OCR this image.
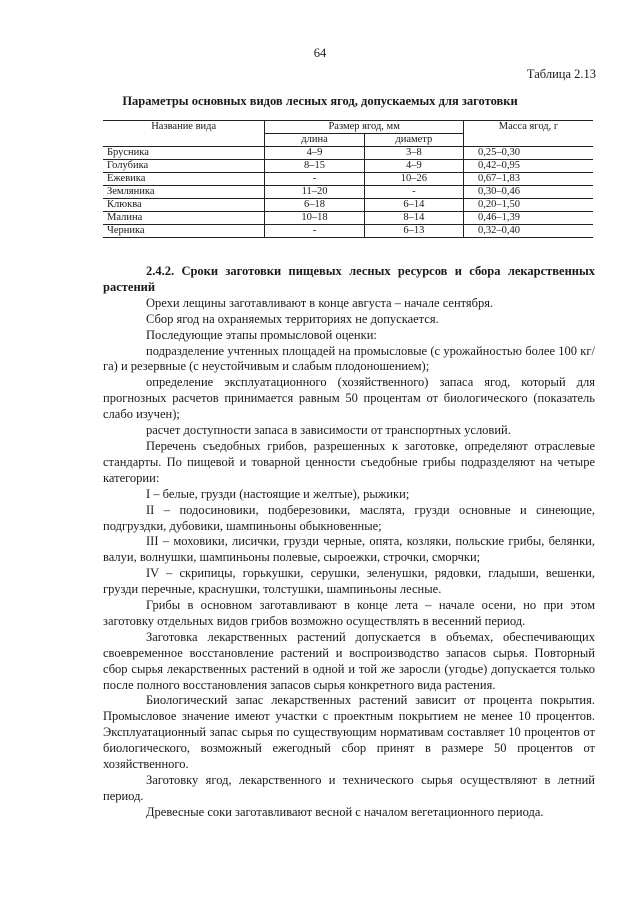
64
Таблица 2.13
Параметры основных видов лесных ягод, допускаемых для заготовки
Название вида	Размер ягод, мм		Масса ягод, г
	длина	диаметр	
Брусника	4–9	3–8	0,25–0,30
Голубика	8–15	4–9	0,42–0,95
Ежевика	-	10–26	0,67–1,83
Земляника	11–20	-	0,30–0,46
Клюква	6–18	6–14	0,20–1,50
Малина	10–18	8–14	0,46–1,39
Черника	-	6–13	0,32–0,40

2.4.2. Сроки заготовки пищевых лесных ресурсов и сбора лекарственных растений

Орехи лещины заготавливают в конце августа – начале сентября.

Сбор ягод на охраняемых территориях не допускается.

Последующие этапы промысловой оценки:

подразделение учтенных площадей на промысловые (с урожайностью более 100 кг/га) и резервные (с неустойчивым и слабым плодоношением);

определение эксплуатационного (хозяйственного) запаса ягод, который для прогнозных расчетов принимается равным 50 процентам от биологического (показатель слабо изучен);

расчет доступности запаса в зависимости от транспортных условий.

Перечень съедобных грибов, разрешенных к заготовке, определяют отраслевые стандарты. По пищевой и товарной ценности съедобные грибы подразделяют на четыре категории:

I – белые, грузди (настоящие и желтые), рыжики;

II – подосиновики, подберезовики, маслята, грузди основные и синеющие, подгруздки, дубовики, шампиньоны обыкновенные;

III – моховики, лисички, грузди черные, опята, козляки, польские грибы, белянки, валуи, волнушки, шампиньоны полевые, сыроежки, строчки, сморчки;

IV – скрипицы, горькушки, серушки, зеленушки, рядовки, гладыши, вешенки, грузди перечные, краснушки, толстушки, шампиньоны лесные.

Грибы в основном заготавливают в конце лета – начале осени, но при этом заготовку отдельных видов грибов возможно осуществлять в весенний период.

Заготовка лекарственных растений допускается в объемах, обеспечивающих своевременное восстановление растений и воспроизводство запасов сырья. Повторный сбор сырья лекарственных растений в одной и той же заросли (угодье) допускается только после полного восстановления запасов сырья конкретного вида растения.

Биологический запас лекарственных растений зависит от процента покрытия. Промысловое значение имеют участки с проектным покрытием не менее 10 процентов. Эксплуатационный запас сырья по существующим нормативам составляет 10 процентов от биологического, возможный ежегодный сбор принят в размере 50 процентов от хозяйственного.

Заготовку ягод, лекарственного и технического сырья осуществляют в летний период.

Древесные соки заготавливают весной с началом вегетационного периода.
